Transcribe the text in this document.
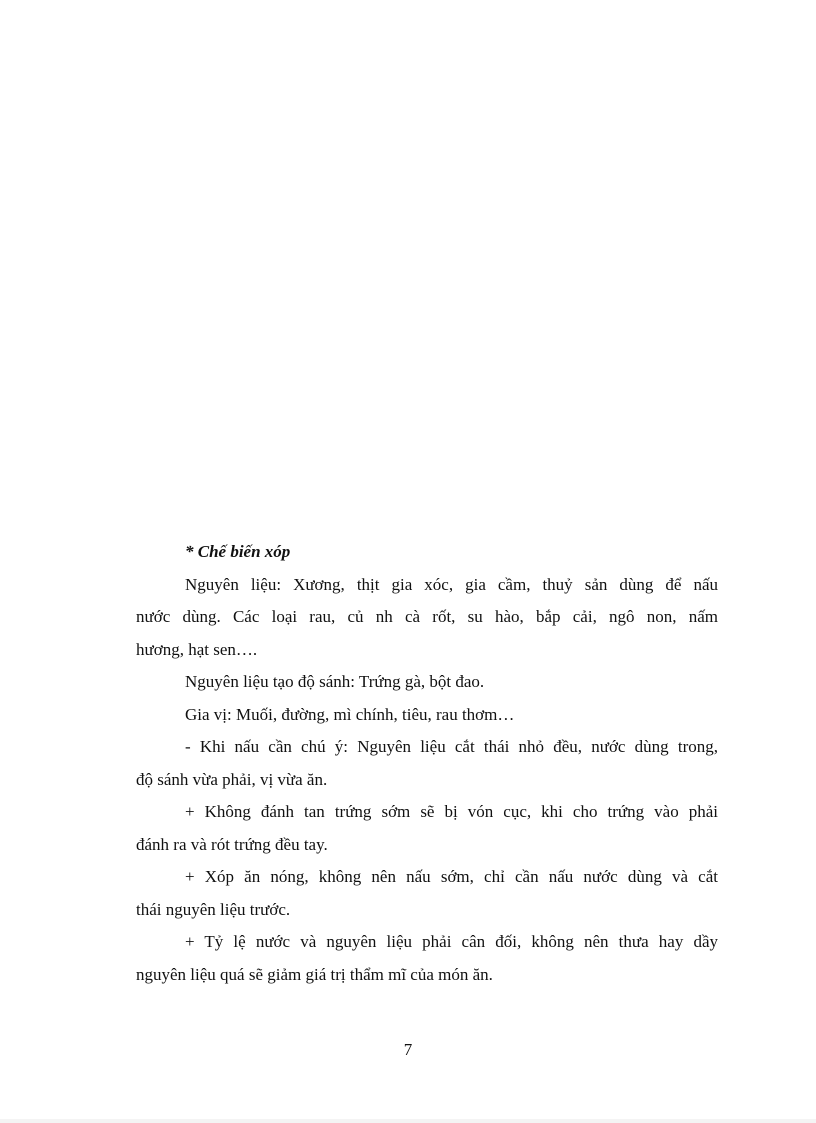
* Chế biến xóp
Nguyên liệu: Xương, thịt gia xóc, gia cầm, thuỷ sản dùng để nấu
nước dùng. Các loại rau, củ nh cà rốt, su hào, bắp cải, ngô non, nấm
hương, hạt sen….
Nguyên liệu tạo độ sánh: Trứng gà, bột đao.
Gia vị: Muối, đường, mì chính, tiêu, rau thơm…
- Khi nấu cần chú ý: Nguyên liệu cắt thái nhỏ đều, nước dùng trong,
độ sánh vừa phải, vị vừa ăn.
+ Không đánh tan trứng sớm sẽ bị vón cục, khi cho trứng vào phải
đánh ra và rót trứng đều tay.
+ Xóp ăn nóng, không nên nấu sớm, chỉ cần nấu nước dùng và cắt
thái nguyên liệu trước.
+ Tỷ lệ nước và nguyên liệu phải cân đối, không nên thưa hay dầy
nguyên liệu quá sẽ giảm giá trị thẩm mĩ của món ăn.
7
